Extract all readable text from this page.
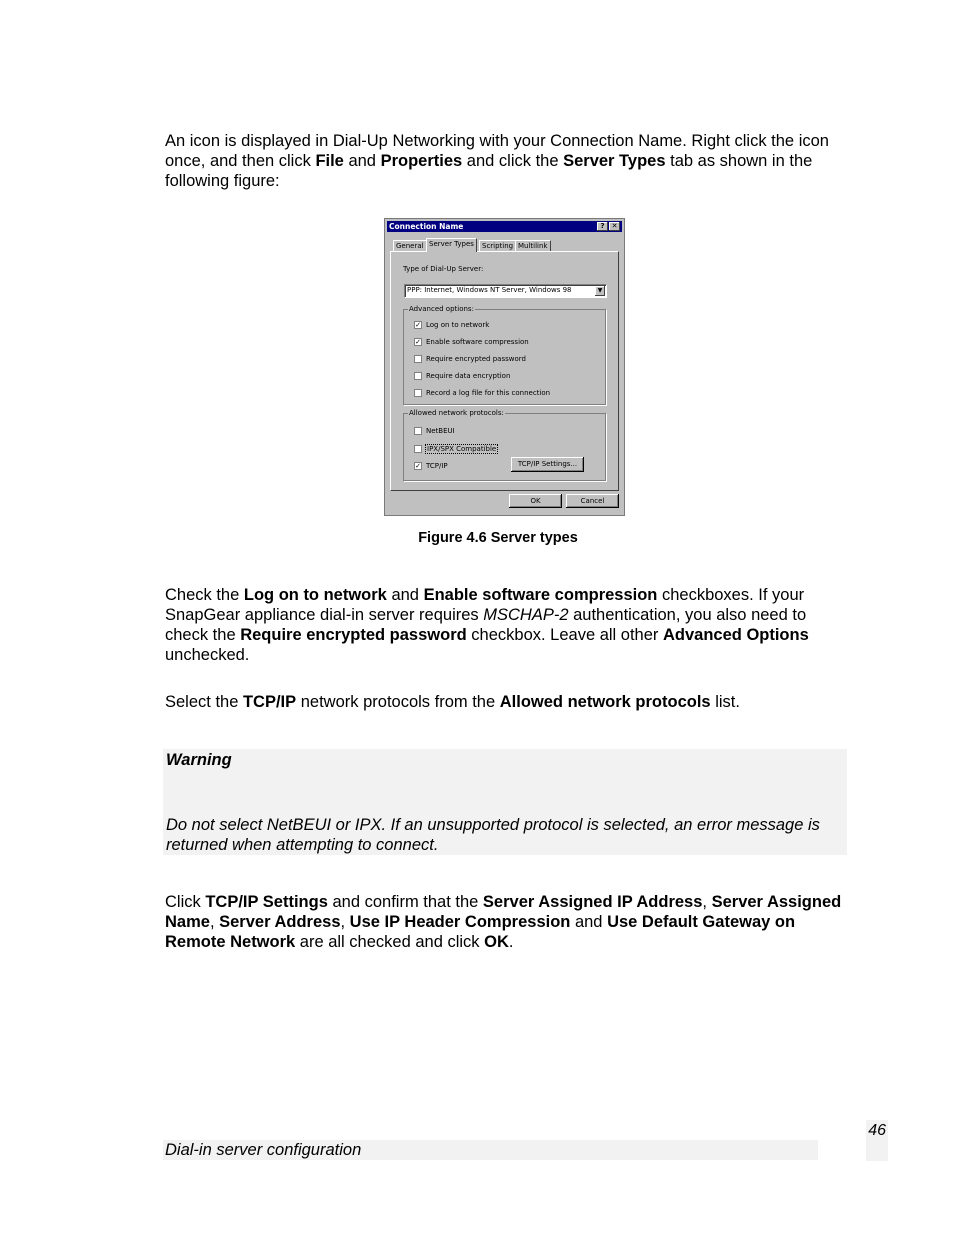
An icon is displayed in Dial-Up Networking with your Connection Name. Right click the icon once, and then click File and Properties and click the Server Types tab as shown in the following figure:

Connection Name	?	✕
General Server Types	Scripting Multilink
Type of Dial-Up Server:
PPP: Internet, Windows NT Server, Windows 98	▼
Advanced options:
✓ Log on to network
✓ Enable software compression
Require encrypted password
Require data encryption
Record a log file for this connection
Allowed network protocols:
NetBEUI
IPX/SPX Compatible
✓ TCP/IP	TCP/IP Settings...
OK	Cancel
Figure 4.6 Server types

Check the Log on to network and Enable software compression checkboxes. If your SnapGear appliance dial-in server requires MSCHAP-2 authentication, you also need to check the Require encrypted password checkbox. Leave all other Advanced Options unchecked.

Select the TCP/IP network protocols from the Allowed network protocols list.

Warning
Do not select NetBEUI or IPX. If an unsupported protocol is selected, an error message is returned when attempting to connect.

Click TCP/IP Settings and confirm that the Server Assigned IP Address, Server Assigned Name, Server Address, Use IP Header Compression and Use Default Gateway on Remote Network are all checked and click OK.

46
Dial-in server configuration
